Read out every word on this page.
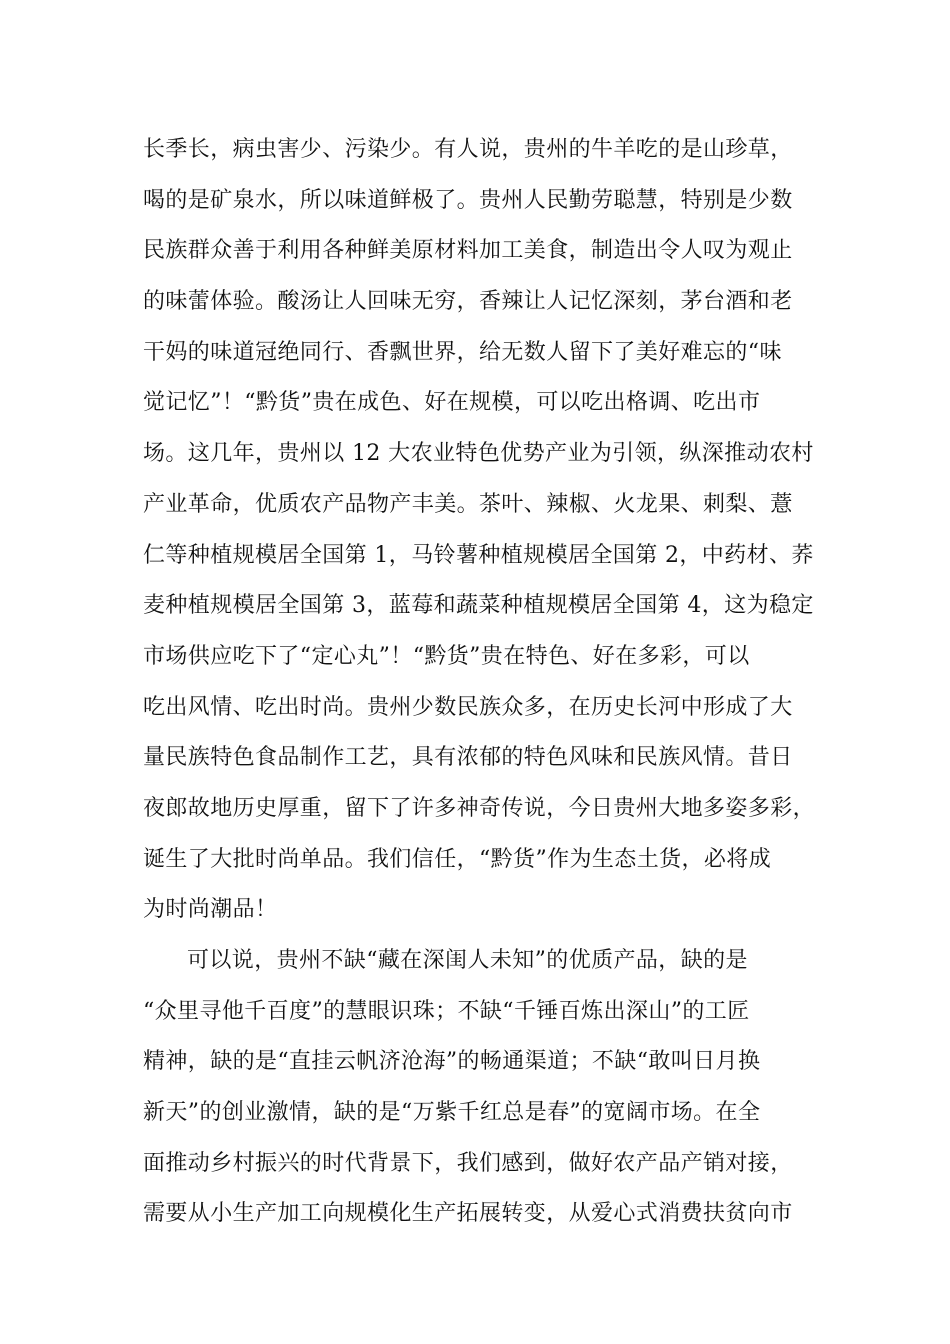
长季长，病虫害少、污染少。有人说，贵州的牛羊吃的是山珍草，
喝的是矿泉水，所以味道鲜极了。贵州人民勤劳聪慧，特别是少数
民族群众善于利用各种鲜美原材料加工美食，制造出令人叹为观止
的味蕾体验。酸汤让人回味无穷，香辣让人记忆深刻，茅台酒和老
干妈的味道冠绝同行、香飘世界，给无数人留下了美好难忘的“味
觉记忆”！“黔货”贵在成色、好在规模，可以吃出格调、吃出市
场。这几年，贵州以 12 大农业特色优势产业为引领，纵深推动农村
产业革命，优质农产品物产丰美。茶叶、辣椒、火龙果、刺梨、薏
仁等种植规模居全国第 1，马铃薯种植规模居全国第 2，中药材、荞
麦种植规模居全国第 3，蓝莓和蔬菜种植规模居全国第 4，这为稳定
市场供应吃下了“定心丸”！“黔货”贵在特色、好在多彩，可以
吃出风情、吃出时尚。贵州少数民族众多，在历史长河中形成了大
量民族特色食品制作工艺，具有浓郁的特色风味和民族风情。昔日
夜郎故地历史厚重，留下了许多神奇传说，今日贵州大地多姿多彩，
诞生了大批时尚单品。我们信任，“黔货”作为生态土货，必将成
为时尚潮品！
可以说，贵州不缺“藏在深闺人未知”的优质产品，缺的是
“众里寻他千百度”的慧眼识珠；不缺“千锤百炼出深山”的工匠
精神，缺的是“直挂云帆济沧海”的畅通渠道；不缺“敢叫日月换
新天”的创业激情，缺的是“万紫千红总是春”的宽阔市场。在全
面推动乡村振兴的时代背景下，我们感到，做好农产品产销对接，
需要从小生产加工向规模化生产拓展转变，从爱心式消费扶贫向市
